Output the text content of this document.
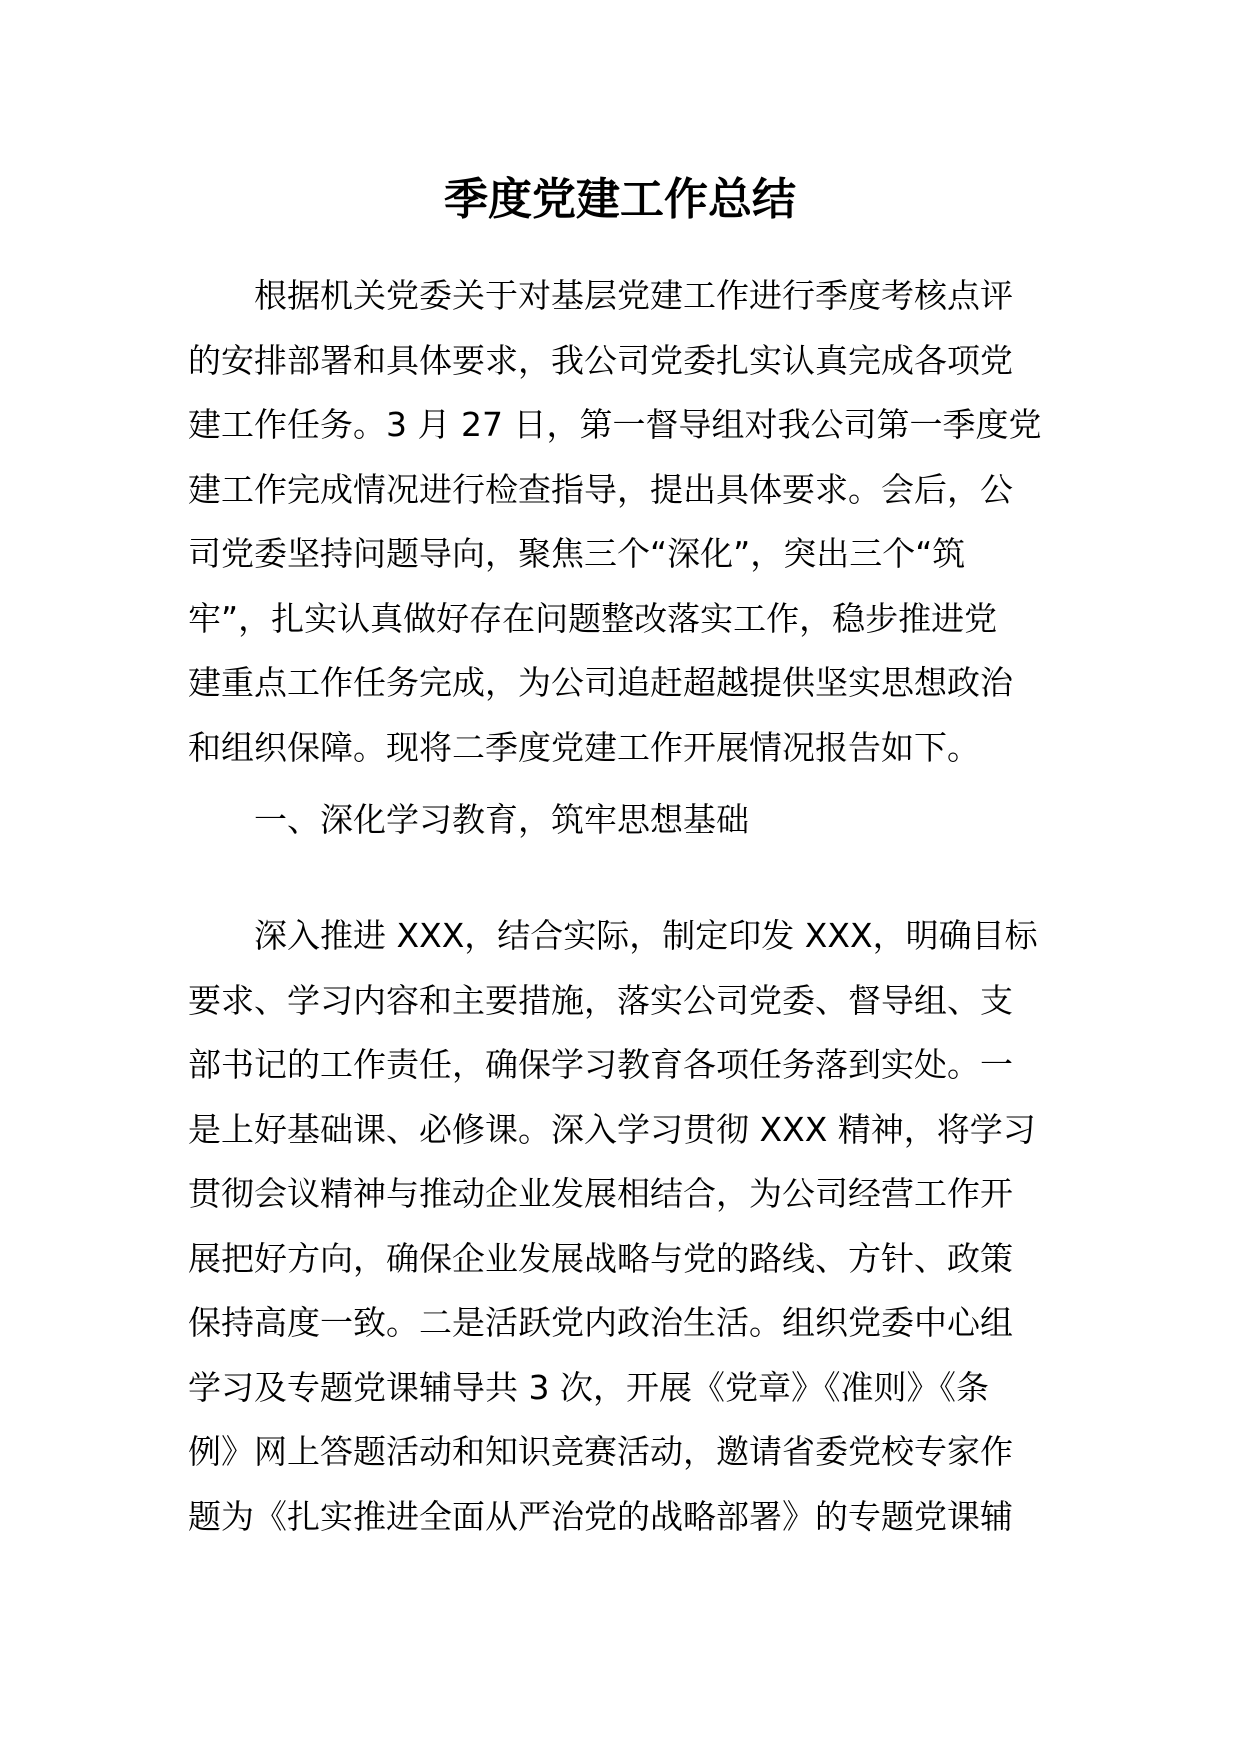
季度党建工作总结
根据机关党委关于对基层党建工作进行季度考核点评
的安排部署和具体要求，我公司党委扎实认真完成各项党
建工作任务。3 月 27 日，第一督导组对我公司第一季度党
建工作完成情况进行检查指导，提出具体要求。会后，公
司党委坚持问题导向，聚焦三个“深化”，突出三个“筑
牢”，扎实认真做好存在问题整改落实工作，稳步推进党
建重点工作任务完成，为公司追赶超越提供坚实思想政治
和组织保障。现将二季度党建工作开展情况报告如下。
一、深化学习教育，筑牢思想基础
深入推进 XXX，结合实际，制定印发 XXX，明确目标
要求、学习内容和主要措施，落实公司党委、督导组、支
部书记的工作责任，确保学习教育各项任务落到实处。一
是上好基础课、必修课。深入学习贯彻 XXX 精神，将学习
贯彻会议精神与推动企业发展相结合，为公司经营工作开
展把好方向，确保企业发展战略与党的路线、方针、政策
保持高度一致。二是活跃党内政治生活。组织党委中心组
学习及专题党课辅导共 3 次，开展《党章》《准则》《条
例》网上答题活动和知识竞赛活动，邀请省委党校专家作
题为《扎实推进全面从严治党的战略部署》的专题党课辅
